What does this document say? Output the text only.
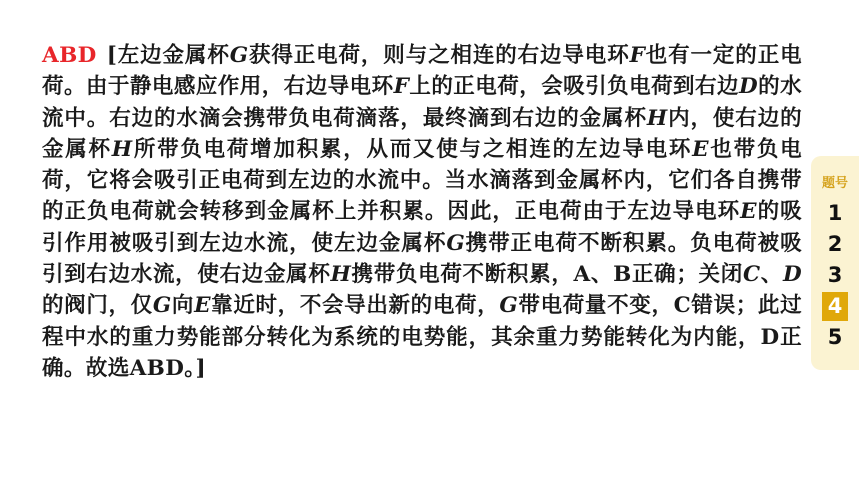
ABD [左边金属杯G获得正电荷，则与之相连的右边导电环F也有一定的正电荷。由于静电感应作用，右边导电环F上的正电荷，会吸引负电荷到右边D的水流中。右边的水滴会携带负电荷滴落，最终滴到右边的金属杯H内，使右边的金属杯H所带负电荷增加积累，从而又使与之相连的左边导电环E也带负电荷，它将会吸引正电荷到左边的水流中。当水滴落到金属杯内，它们各自携带的正负电荷就会转移到金属杯上并积累。因此，正电荷由于左边导电环E的吸引作用被吸引到左边水流，使左边金属杯G携带正电荷不断积累。负电荷被吸引到右边水流，使右边金属杯H携带负电荷不断积累，A、B正确；关闭C、D的阀门，仅G向E靠近时，不会导出新的电荷，G带电荷量不变，C错误；此过程中水的重力势能部分转化为系统的电势能，其余重力势能转化为内能，D正确。故选ABD。]
题号
1
2
3
4
5
